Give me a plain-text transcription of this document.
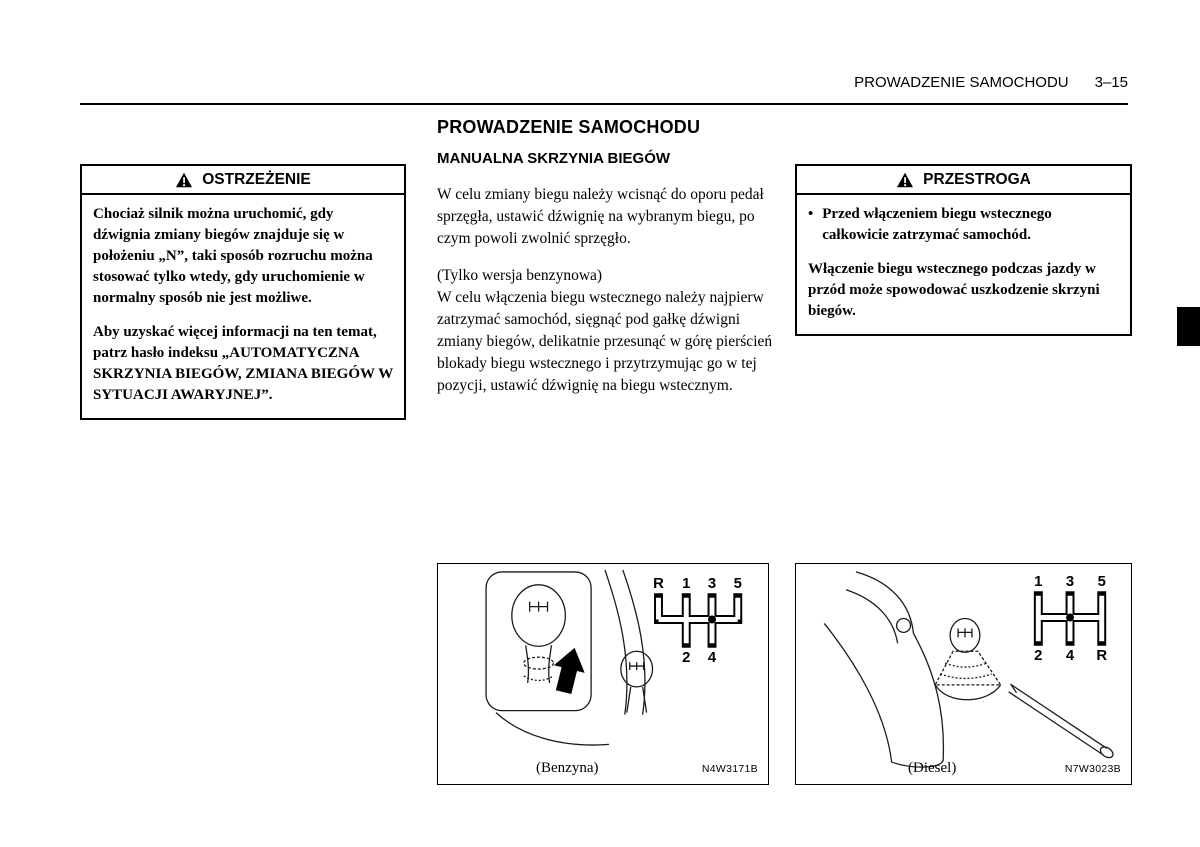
PROWADZENIE SAMOCHODU 3–15
PROWADZENIE SAMOCHODU
MANUALNA SKRZYNIA BIEGÓW
W celu zmiany biegu należy wcisnąć do oporu pedał sprzęgła, ustawić dźwignię na wybranym biegu, po czym powoli zwolnić sprzęgło.
(Tylko wersja benzynowa)
W celu włączenia biegu wstecznego należy najpierw zatrzymać samochód, sięgnąć pod gałkę dźwigni zmiany biegów, delikatnie przesunąć w górę pierścień blokady biegu wstecznego i przytrzymując go w tej pozycji, ustawić dźwignię na biegu wstecznym.
OSTRZEŻENIE
Chociaż silnik można uruchomić, gdy dźwignia zmiany biegów znajduje się w położeniu „N”, taki sposób rozruchu można stosować tylko wtedy, gdy uruchomienie w normalny sposób nie jest możliwe.
Aby uzyskać więcej informacji na ten temat, patrz hasło indeksu „AUTOMATYCZNA SKRZYNIA BIEGÓW, ZMIANA BIEGÓW W SYTUACJI AWARYJNEJ”.
PRZESTROGA
• Przed włączeniem biegu wstecznego całkowicie zatrzymać samochód.
Włączenie biegu wstecznego podczas jazdy w przód może spowodować uszkodzenie skrzyni biegów.
R 1 3 5
2 4
(Benzyna)	N4W3171B
1 3 5
2 4 R
(Diesel)	N7W3023B
